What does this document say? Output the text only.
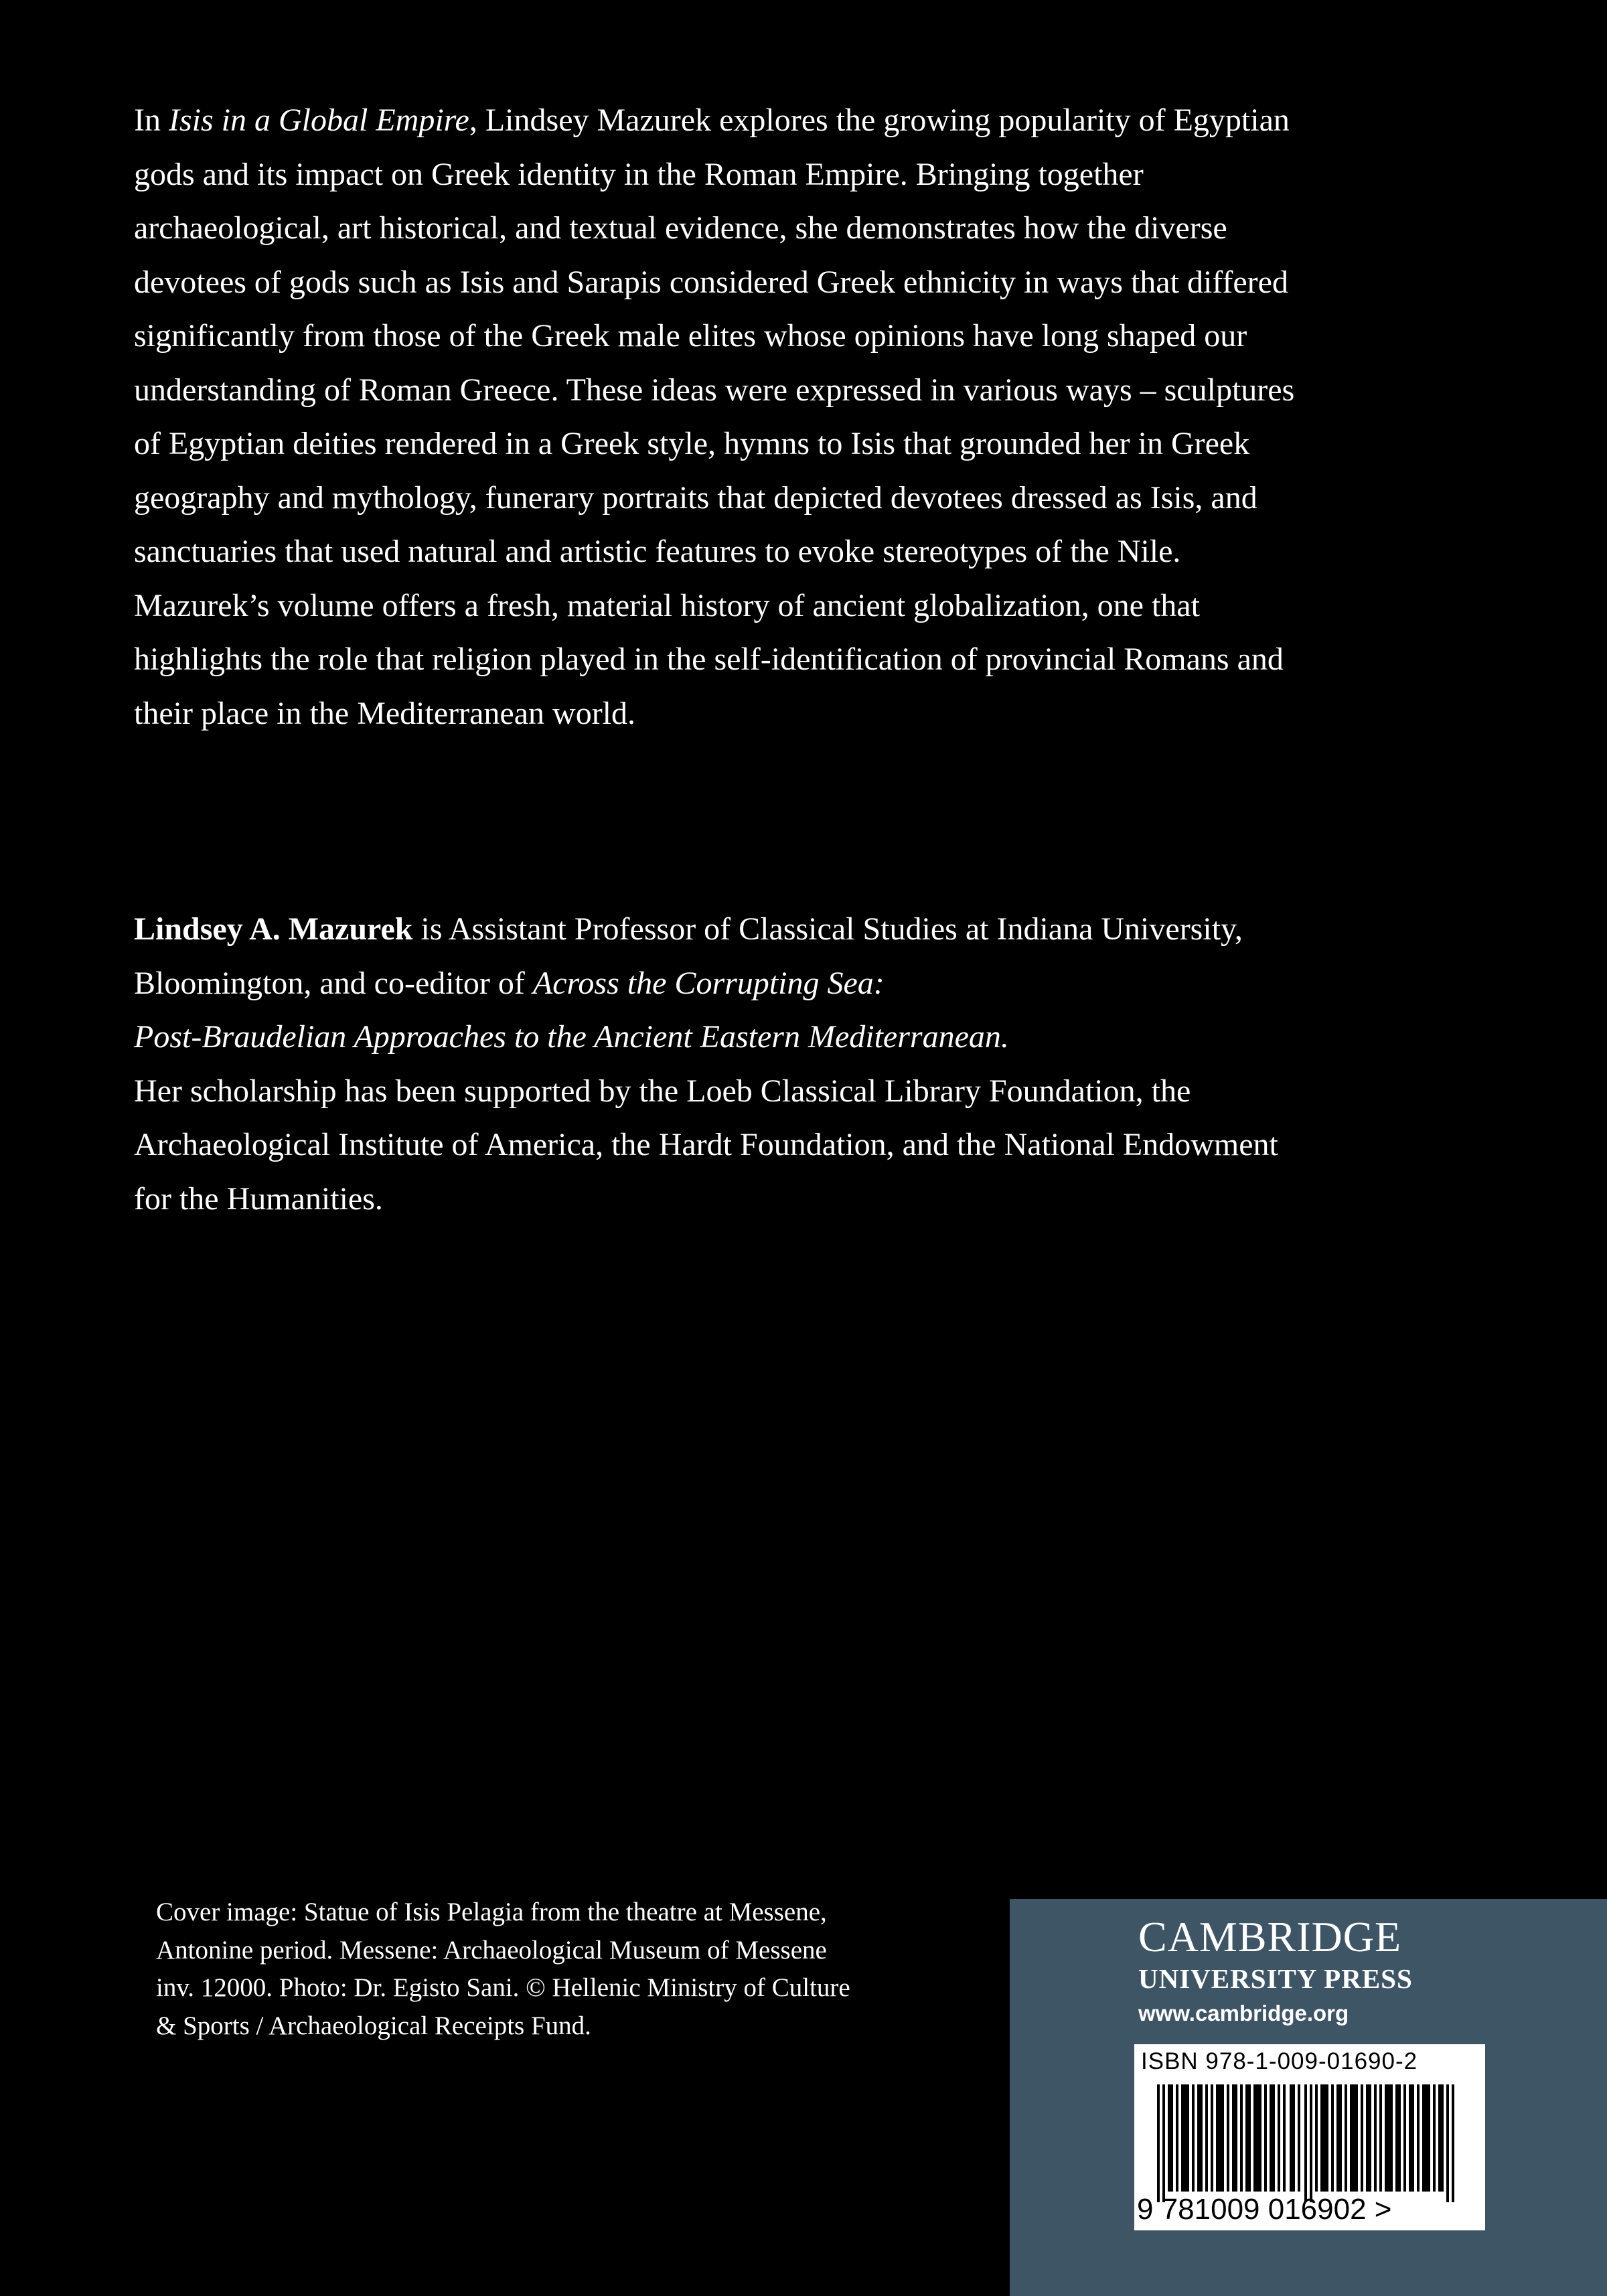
In Isis in a Global Empire, Lindsey Mazurek explores the growing popularity of Egyptian gods and its impact on Greek identity in the Roman Empire. Bringing together archaeological, art historical, and textual evidence, she demonstrates how the diverse devotees of gods such as Isis and Sarapis considered Greek ethnicity in ways that differed significantly from those of the Greek male elites whose opinions have long shaped our understanding of Roman Greece. These ideas were expressed in various ways – sculptures of Egyptian deities rendered in a Greek style, hymns to Isis that grounded her in Greek geography and mythology, funerary portraits that depicted devotees dressed as Isis, and sanctuaries that used natural and artistic features to evoke stereotypes of the Nile. Mazurek’s volume offers a fresh, material history of ancient globalization, one that highlights the role that religion played in the self-identification of provincial Romans and their place in the Mediterranean world.

Lindsey A. Mazurek is Assistant Professor of Classical Studies at Indiana University, Bloomington, and co-editor of Across the Corrupting Sea:
Post-Braudelian Approaches to the Ancient Eastern Mediterranean.
Her scholarship has been supported by the Loeb Classical Library Foundation, the Archaeological Institute of America, the Hardt Foundation, and the National Endowment for the Humanities.

Cover image: Statue of Isis Pelagia from the theatre at Messene,
Antonine period. Messene: Archaeological Museum of Messene
inv. 12000. Photo: Dr. Egisto Sani. © Hellenic Ministry of Culture
& Sports / Archaeological Receipts Fund.
CAMBRIDGE
UNIVERSITY PRESS
www.cambridge.org
ISBN 978-1-009-01690-2
9 781009 016902 >
